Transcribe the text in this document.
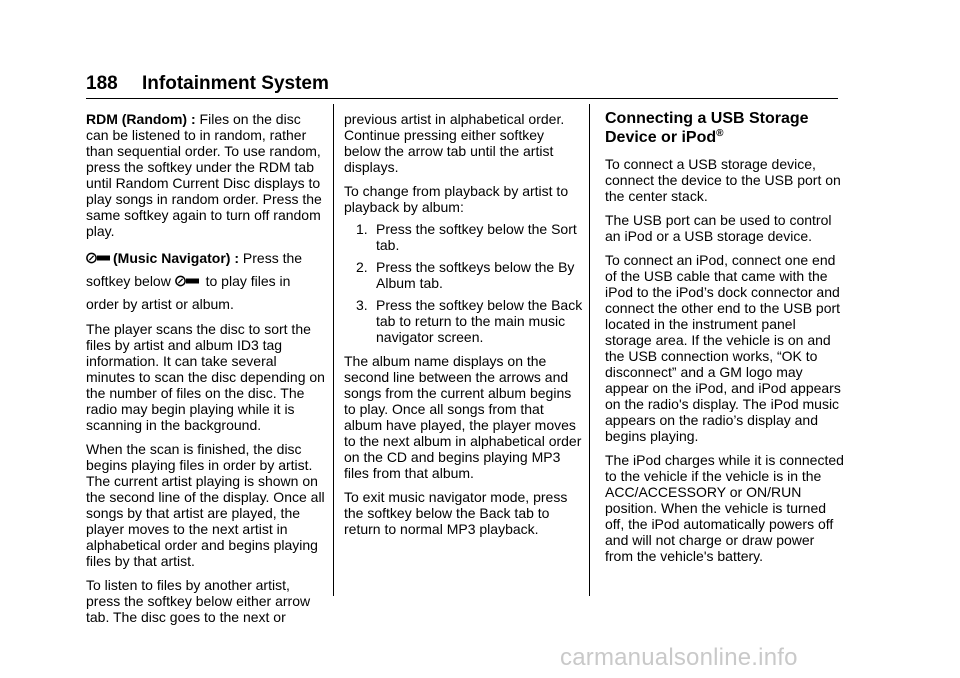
188 Infotainment System

RDM (Random) : Files on the disc can be listened to in random, rather than sequential order. To use random, press the softkey under the RDM tab until Random Current Disc displays to play songs in random order. Press the same softkey again to turn off random play.

(Music Navigator) : Press the softkey below  to play files in order by artist or album.

The player scans the disc to sort the files by artist and album ID3 tag information. It can take several minutes to scan the disc depending on the number of files on the disc. The radio may begin playing while it is scanning in the background.

When the scan is finished, the disc begins playing files in order by artist. The current artist playing is shown on the second line of the display. Once all songs by that artist are played, the player moves to the next artist in alphabetical order and begins playing files by that artist.

To listen to files by another artist, press the softkey below either arrow tab. The disc goes to the next or

previous artist in alphabetical order. Continue pressing either softkey below the arrow tab until the artist displays.

To change from playback by artist to playback by album:

1. Press the softkey below the Sort tab.
2. Press the softkeys below the By Album tab.
3. Press the softkey below the Back tab to return to the main music navigator screen.

The album name displays on the second line between the arrows and songs from the current album begins to play. Once all songs from that album have played, the player moves to the next album in alphabetical order on the CD and begins playing MP3 files from that album.

To exit music navigator mode, press the softkey below the Back tab to return to normal MP3 playback.

Connecting a USB Storage Device or iPod®

To connect a USB storage device, connect the device to the USB port on the center stack.

The USB port can be used to control an iPod or a USB storage device.

To connect an iPod, connect one end of the USB cable that came with the iPod to the iPod’s dock connector and connect the other end to the USB port located in the instrument panel storage area. If the vehicle is on and the USB connection works, “OK to disconnect” and a GM logo may appear on the iPod, and iPod appears on the radio's display. The iPod music appears on the radio’s display and begins playing.

The iPod charges while it is connected to the vehicle if the vehicle is in the ACC/ACCESSORY or ON/RUN position. When the vehicle is turned off, the iPod automatically powers off and will not charge or draw power from the vehicle's battery.

carmanualsonline.info
